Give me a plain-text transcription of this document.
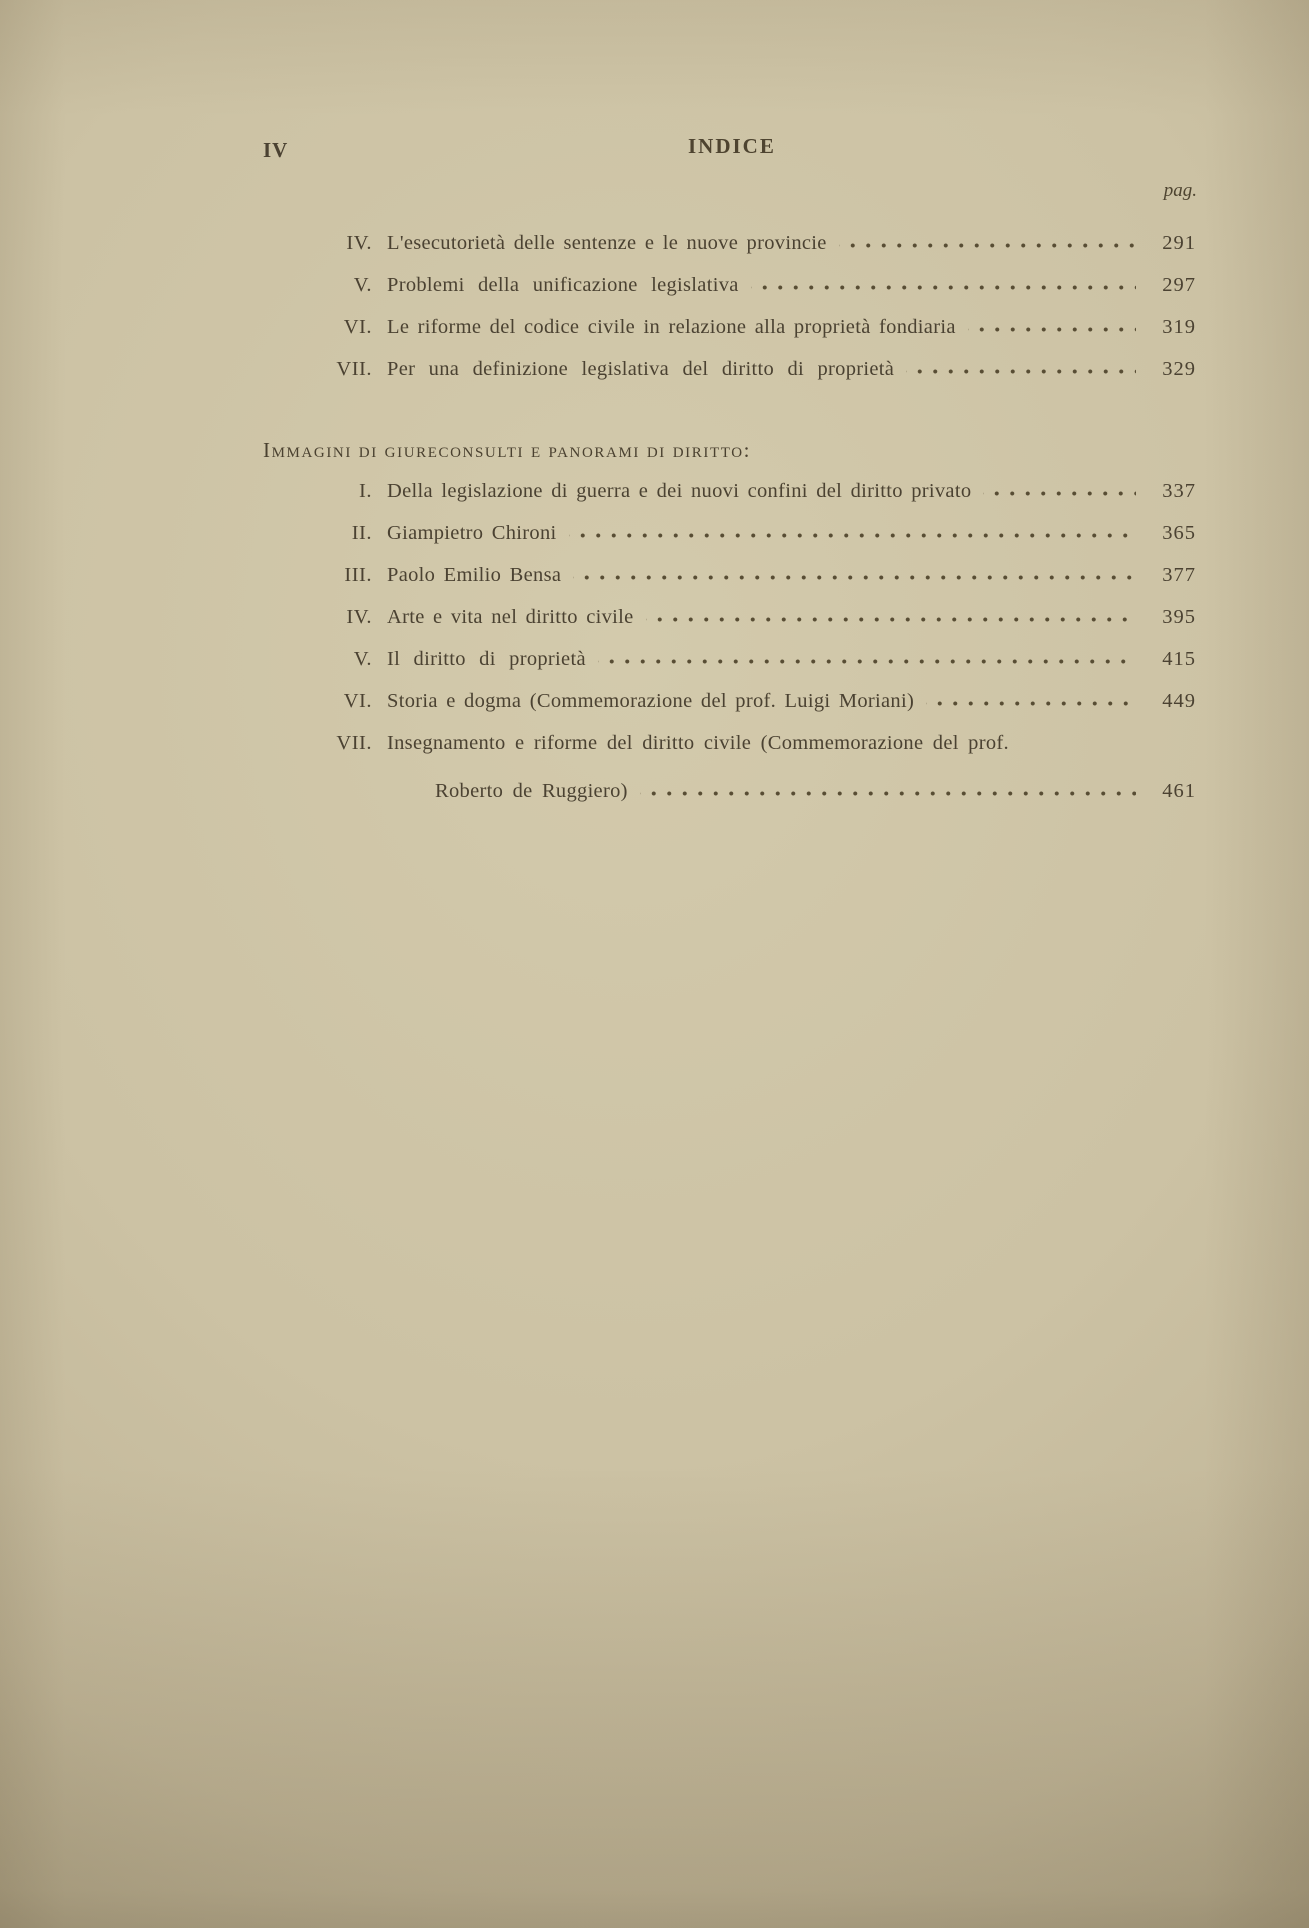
IV	INDICE
pag.
IV. L'esecutorietà delle sentenze e le nuove provincie	291
V. Problemi della unificazione legislativa	297
VI. Le riforme del codice civile in relazione alla proprietà fondiaria	319
VII. Per una definizione legislativa del diritto di proprietà	329
Immagini di giureconsulti e panorami di diritto:
I. Della legislazione di guerra e dei nuovi confini del diritto privato	337
II. Giampietro Chironi	365
III. Paolo Emilio Bensa	377
IV. Arte e vita nel diritto civile	395
V. Il diritto di proprietà	415
VI. Storia e dogma (Commemorazione del prof. Luigi Moriani)	449
VII. Insegnamento e riforme del diritto civile (Commemorazione del prof.
Roberto de Ruggiero)	461
